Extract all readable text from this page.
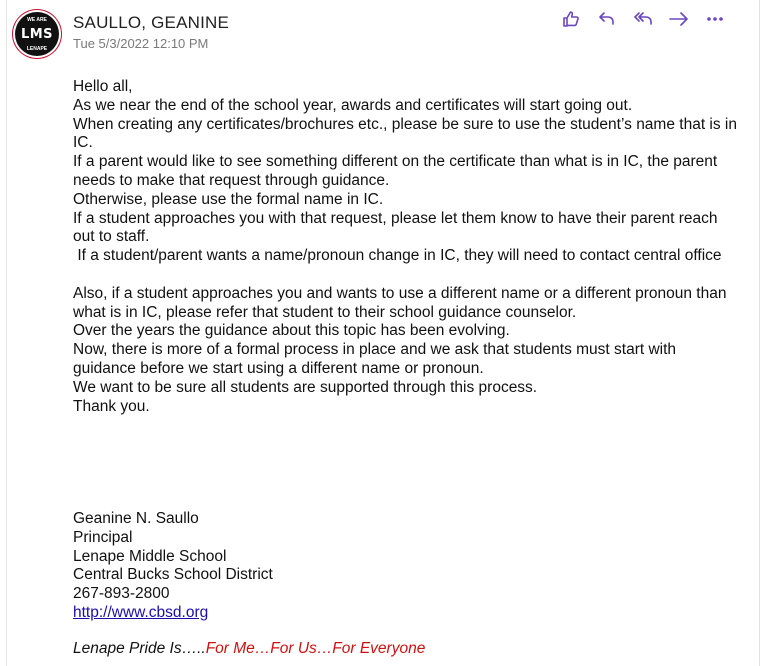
WE ARE
LMS
LENAPE
SAULLO, GEANINE
Tue 5/3/2022 12:10 PM

Hello all,

As we near the end of the school year, awards and certificates will start going out.

When creating any certificates/brochures etc., please be sure to use the student’s name that is in IC.

If a parent would like to see something different on the certificate than what is in IC, the parent needs to make that request through guidance.

Otherwise, please use the formal name in IC.

If a student approaches you with that request, please let them know to have their parent reach out to staff.

If a student/parent wants a name/pronoun change in IC, they will need to contact central office

Also, if a student approaches you and wants to use a different name or a different pronoun than what is in IC, please refer that student to their school guidance counselor.

Over the years the guidance about this topic has been evolving.

Now, there is more of a formal process in place and we ask that students must start with guidance before we start using a different name or pronoun.

We want to be sure all students are supported through this process.

Thank you.

Geanine N. Saullo

Principal

Lenape Middle School

Central Bucks School District

267-893-2800

http://www.cbsd.org

Lenape Pride Is…..For Me…For Us…For Everyone
